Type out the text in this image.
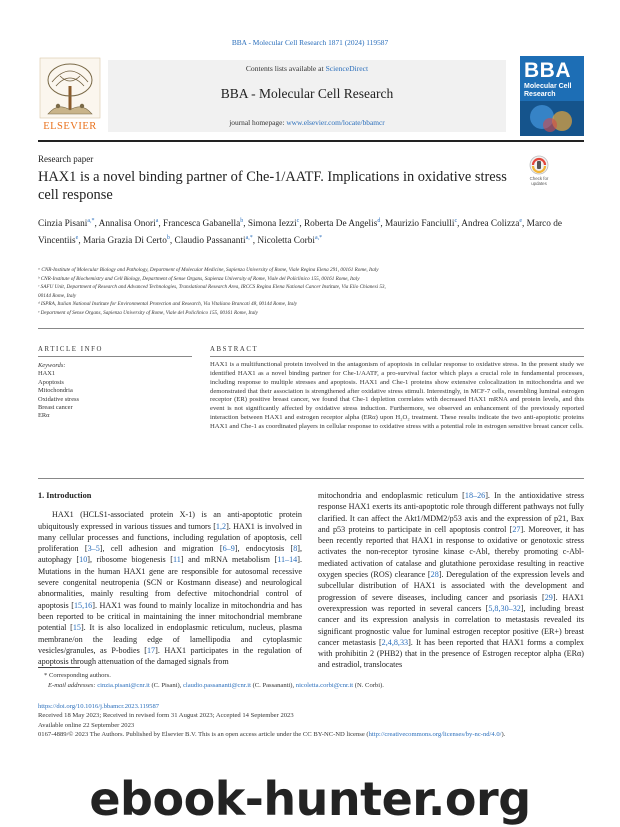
BBA - Molecular Cell Research 1871 (2024) 119587
ELSEVIER
Contents lists available at ScienceDirect
BBA - Molecular Cell Research
journal homepage: www.elsevier.com/locate/bbamcr
BBA
Molecular Cell Research
Research paper
HAX1 is a novel binding partner of Che-1/AATF. Implications in oxidative stress cell response
Check for
updates
Cinzia Pisani$^{a,*}$, Annalisa Onori$^a$, Francesca Gabanella$^b$, Simona Iezzi$^c$, Roberta De Angelis$^d$, Maurizio Fanciulli$^c$, Andrea Colizza$^e$, Marco de Vincentiis$^e$, Maria Grazia Di Certo$^b$, Claudio Passananti$^{a,*}$, Nicoletta Corbi$^{a,*}$
ᵃ CNR-Institute of Molecular Biology and Pathology, Department of Molecular Medicine, Sapienza University of Rome, Viale Regina Elena 291, 00161 Rome, Italy
ᵇ CNR-Institute of Biochemistry and Cell Biology, Department of Sense Organs, Sapienza University of Rome, Viale del Policlinico 155, 00161 Rome, Italy
ᶜ SAFU Unit, Department of Research and Advanced Technologies, Translational Research Area, IRCCS Regina Elena National Cancer Institute, Via Elio Chianesi 53,
00144 Rome, Italy
ᵈ ISPRA, Italian National Institute for Environmental Protection and Research, Via Vitaliano Brancati 48, 00144 Rome, Italy
ᵉ Department of Sense Organs, Sapienza University of Rome, Viale del Policlinico 155, 00161 Rome, Italy
ARTICLE INFO	ABSTRACT
Keywords:
HAX1
Apoptosis
Mitochondria
Oxidative stress
Breast cancer
ERα
HAX1 is a multifunctional protein involved in the antagonism of apoptosis in cellular response to oxidative stress. In the present study we identified HAX1 as a novel binding partner for Che-1/AATF, a pro-survival factor which plays a crucial role in fundamental processes, including response to multiple stresses and apoptosis. HAX1 and Che-1 proteins show extensive colocalization in mitochondria and we demonstrated that their association is strengthened after oxidative stress stimuli. Interestingly, in MCF-7 cells, resembling luminal estrogen receptor (ER) positive breast cancer, we found that Che-1 depletion correlates with decreased HAX1 mRNA and protein levels, and this event is not significantly affected by oxidative stress induction. Furthermore, we observed an enhancement of the previously reported interaction between HAX1 and estrogen receptor alpha (ERα) upon H₂O₂ treatment. These results indicate the two anti-apoptotic proteins HAX1 and Che-1 as coordinated players in cellular response to oxidative stress with a potential role in estrogen sensitive breast cancer cells.
1. Introduction

HAX1 (HCLS1-associated protein X-1) is an anti-apoptotic protein ubiquitously expressed in various tissues and tumors [1,2]. HAX1 is involved in many cellular processes and functions, including regulation of apoptosis, cell proliferation [3–5], cell adhesion and migration [6–9], endocytosis [8], autophagy [10], ribosome biogenesis [11] and mRNA metabolism [11–14]. Mutations in the human HAX1 gene are responsible for autosomal recessive severe congenital neutropenia (SCN or Kostmann disease) and neurological abnormalities, mainly resulting from defective mitochondrial control of apoptosis [15,16]. HAX1 was found to mainly localize in mitochondria and has been reported to be critical in maintaining the inner mitochondrial membrane potential [15]. It is also localized in endoplasmic reticulum, nucleus, plasma membrane/on the leading edge of lamellipodia and cytoplasmic vesicles/granules, as P-bodies [17]. HAX1 participates in the regulation of apoptosis through attenuation of the damaged signals from

mitochondria and endoplasmic reticulum [18–26]. In the antioxidative stress response HAX1 exerts its anti-apoptotic role through different pathways not fully clarified. It can affect the Akt1/MDM2/p53 axis and the expression of p21, Bax and p53 proteins to participate in cell apoptosis control [27]. Moreover, it has been recently reported that HAX1 in response to oxidative or genotoxic stress activates the non-receptor tyrosine kinase c-Abl, thereby promoting c-Abl-mediated activation of catalase and glutathione peroxidase resulting in reactive oxygen species (ROS) clearance [28]. Deregulation of the expression levels and subcellular distribution of HAX1 is associated with the development and progression of severe diseases, including cancer and psoriasis [29]. HAX1 overexpression was reported in several cancers [5,8,30–32], including breast cancer and its expression analysis in correlation to metastasis revealed its significant prognostic value for luminal estrogen receptor positive (ER+) breast cancer metastasis [2,4,8,33]. It has been reported that HAX1 forms a complex with prohibitin 2 (PHB2) that in the presence of Estrogen receptor alpha (ERα) and estradiol, translocates

* Corresponding authors.
E-mail addresses: cinzia.pisani@cnr.it (C. Pisani), claudio.passananti@cnr.it (C. Passananti), nicoletta.corbi@cnr.it (N. Corbi).
https://doi.org/10.1016/j.bbamcr.2023.119587
Received 18 May 2023; Received in revised form 31 August 2023; Accepted 14 September 2023
Available online 22 September 2023
0167-4889/© 2023 The Authors. Published by Elsevier B.V. This is an open access article under the CC BY-NC-ND license (http://creativecommons.org/licenses/by-nc-nd/4.0/).
ebook-hunter.org
